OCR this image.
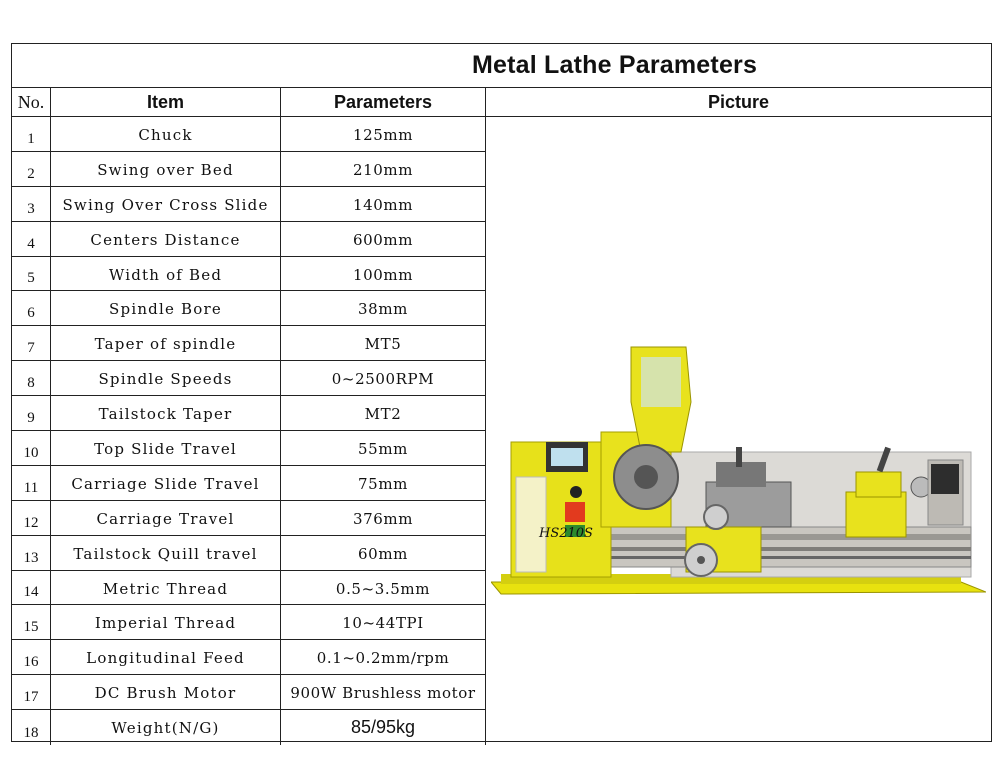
Metal Lathe Parameters
No.	Item	Parameters	Picture
1	Chuck	125mm
2	Swing over Bed	210mm
3	Swing Over Cross Slide	140mm
4	Centers Distance	600mm
5	Width of Bed	100mm
6	Spindle Bore	38mm
7	Taper of spindle	MT5
8	Spindle Speeds	0~2500RPM
9	Tailstock Taper	MT2
10	Top Slide Travel	55mm
11	Carriage Slide Travel	75mm
12	Carriage Travel	376mm
13	Tailstock Quill travel	60mm
14	Metric Thread	0.5~3.5mm
15	Imperial Thread	10~44TPI
16	Longitudinal Feed	0.1~0.2mm/rpm
17	DC Brush Motor	900W Brushless motor
18	Weight(N/G)	85/95kg
HS210S
